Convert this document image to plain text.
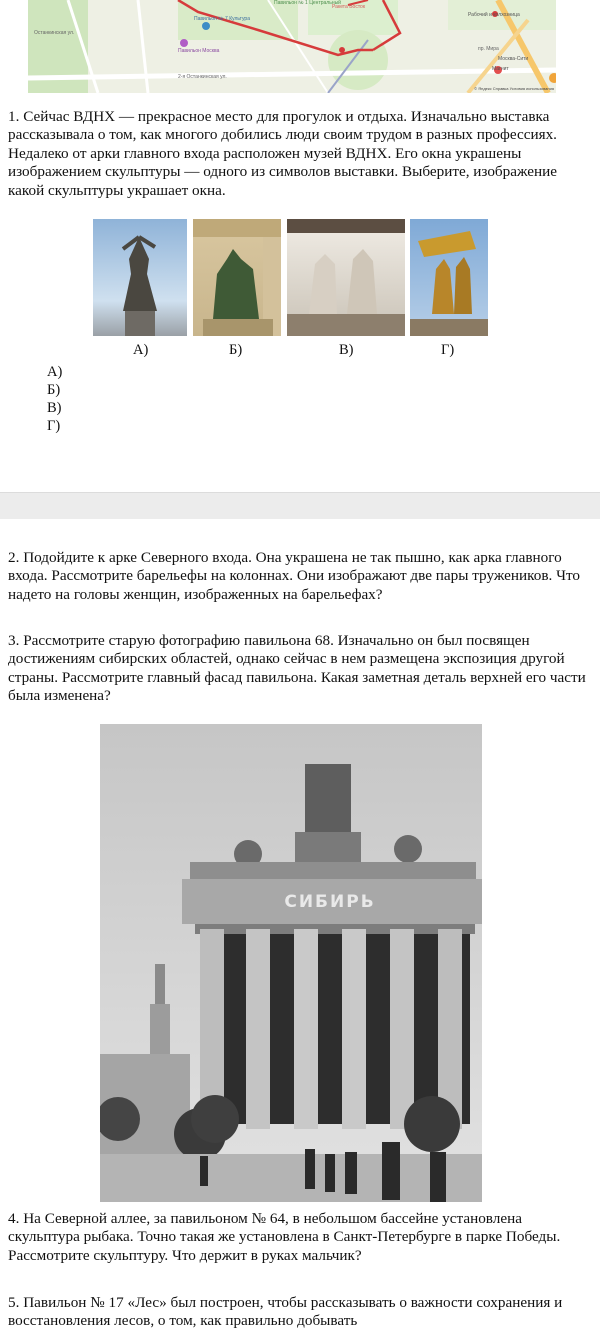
Рабочий и колхозница
Павильон № 1 Центральный
Ракета Восток
Павильон № 7 Культура
Павильон Москва
2-я Останкинская ул.
Останкинская ул.
Москва-Сити
Магнит
пр. Мира
© Яндекс Справка Условия использования

1. Сейчас ВДНХ — прекрасное место для прогулок и отдыха. Изначально выставка рассказывала о том, как многого добились люди своим трудом в разных профессиях. Недалеко от арки главного входа расположен музей ВДНХ. Его окна украшены изображением скульптуры — одного из символов выставки. Выберите, изображение какой скульптуры украшает окна.

А)	Б)	В)	Г)
А)
Б)
В)
Г)

2. Подойдите к арке Северного входа. Она украшена не так пышно, как арка главного входа. Рассмотрите барельефы на колоннах. Они изображают две пары тружеников. Что надето на головы женщин, изображенных на барельефах?

3. Рассмотрите старую фотографию павильона 68. Изначально он был посвящен достижениям сибирских областей, однако сейчас в нем размещена экспозиция другой страны. Рассмотрите главный фасад павильона. Какая заметная деталь верхней его части была изменена?

4. На Северной аллее, за павильоном № 64, в небольшом бассейне установлена скульптура рыбака. Точно такая же установлена в Санкт-Петербурге в парке Победы. Рассмотрите скульптуру. Что держит в руках мальчик?

5. Павильон № 17 «Лес» был построен, чтобы рассказывать о важности сохранения и восстановления лесов, о том, как правильно добывать

СИБИРЬ
